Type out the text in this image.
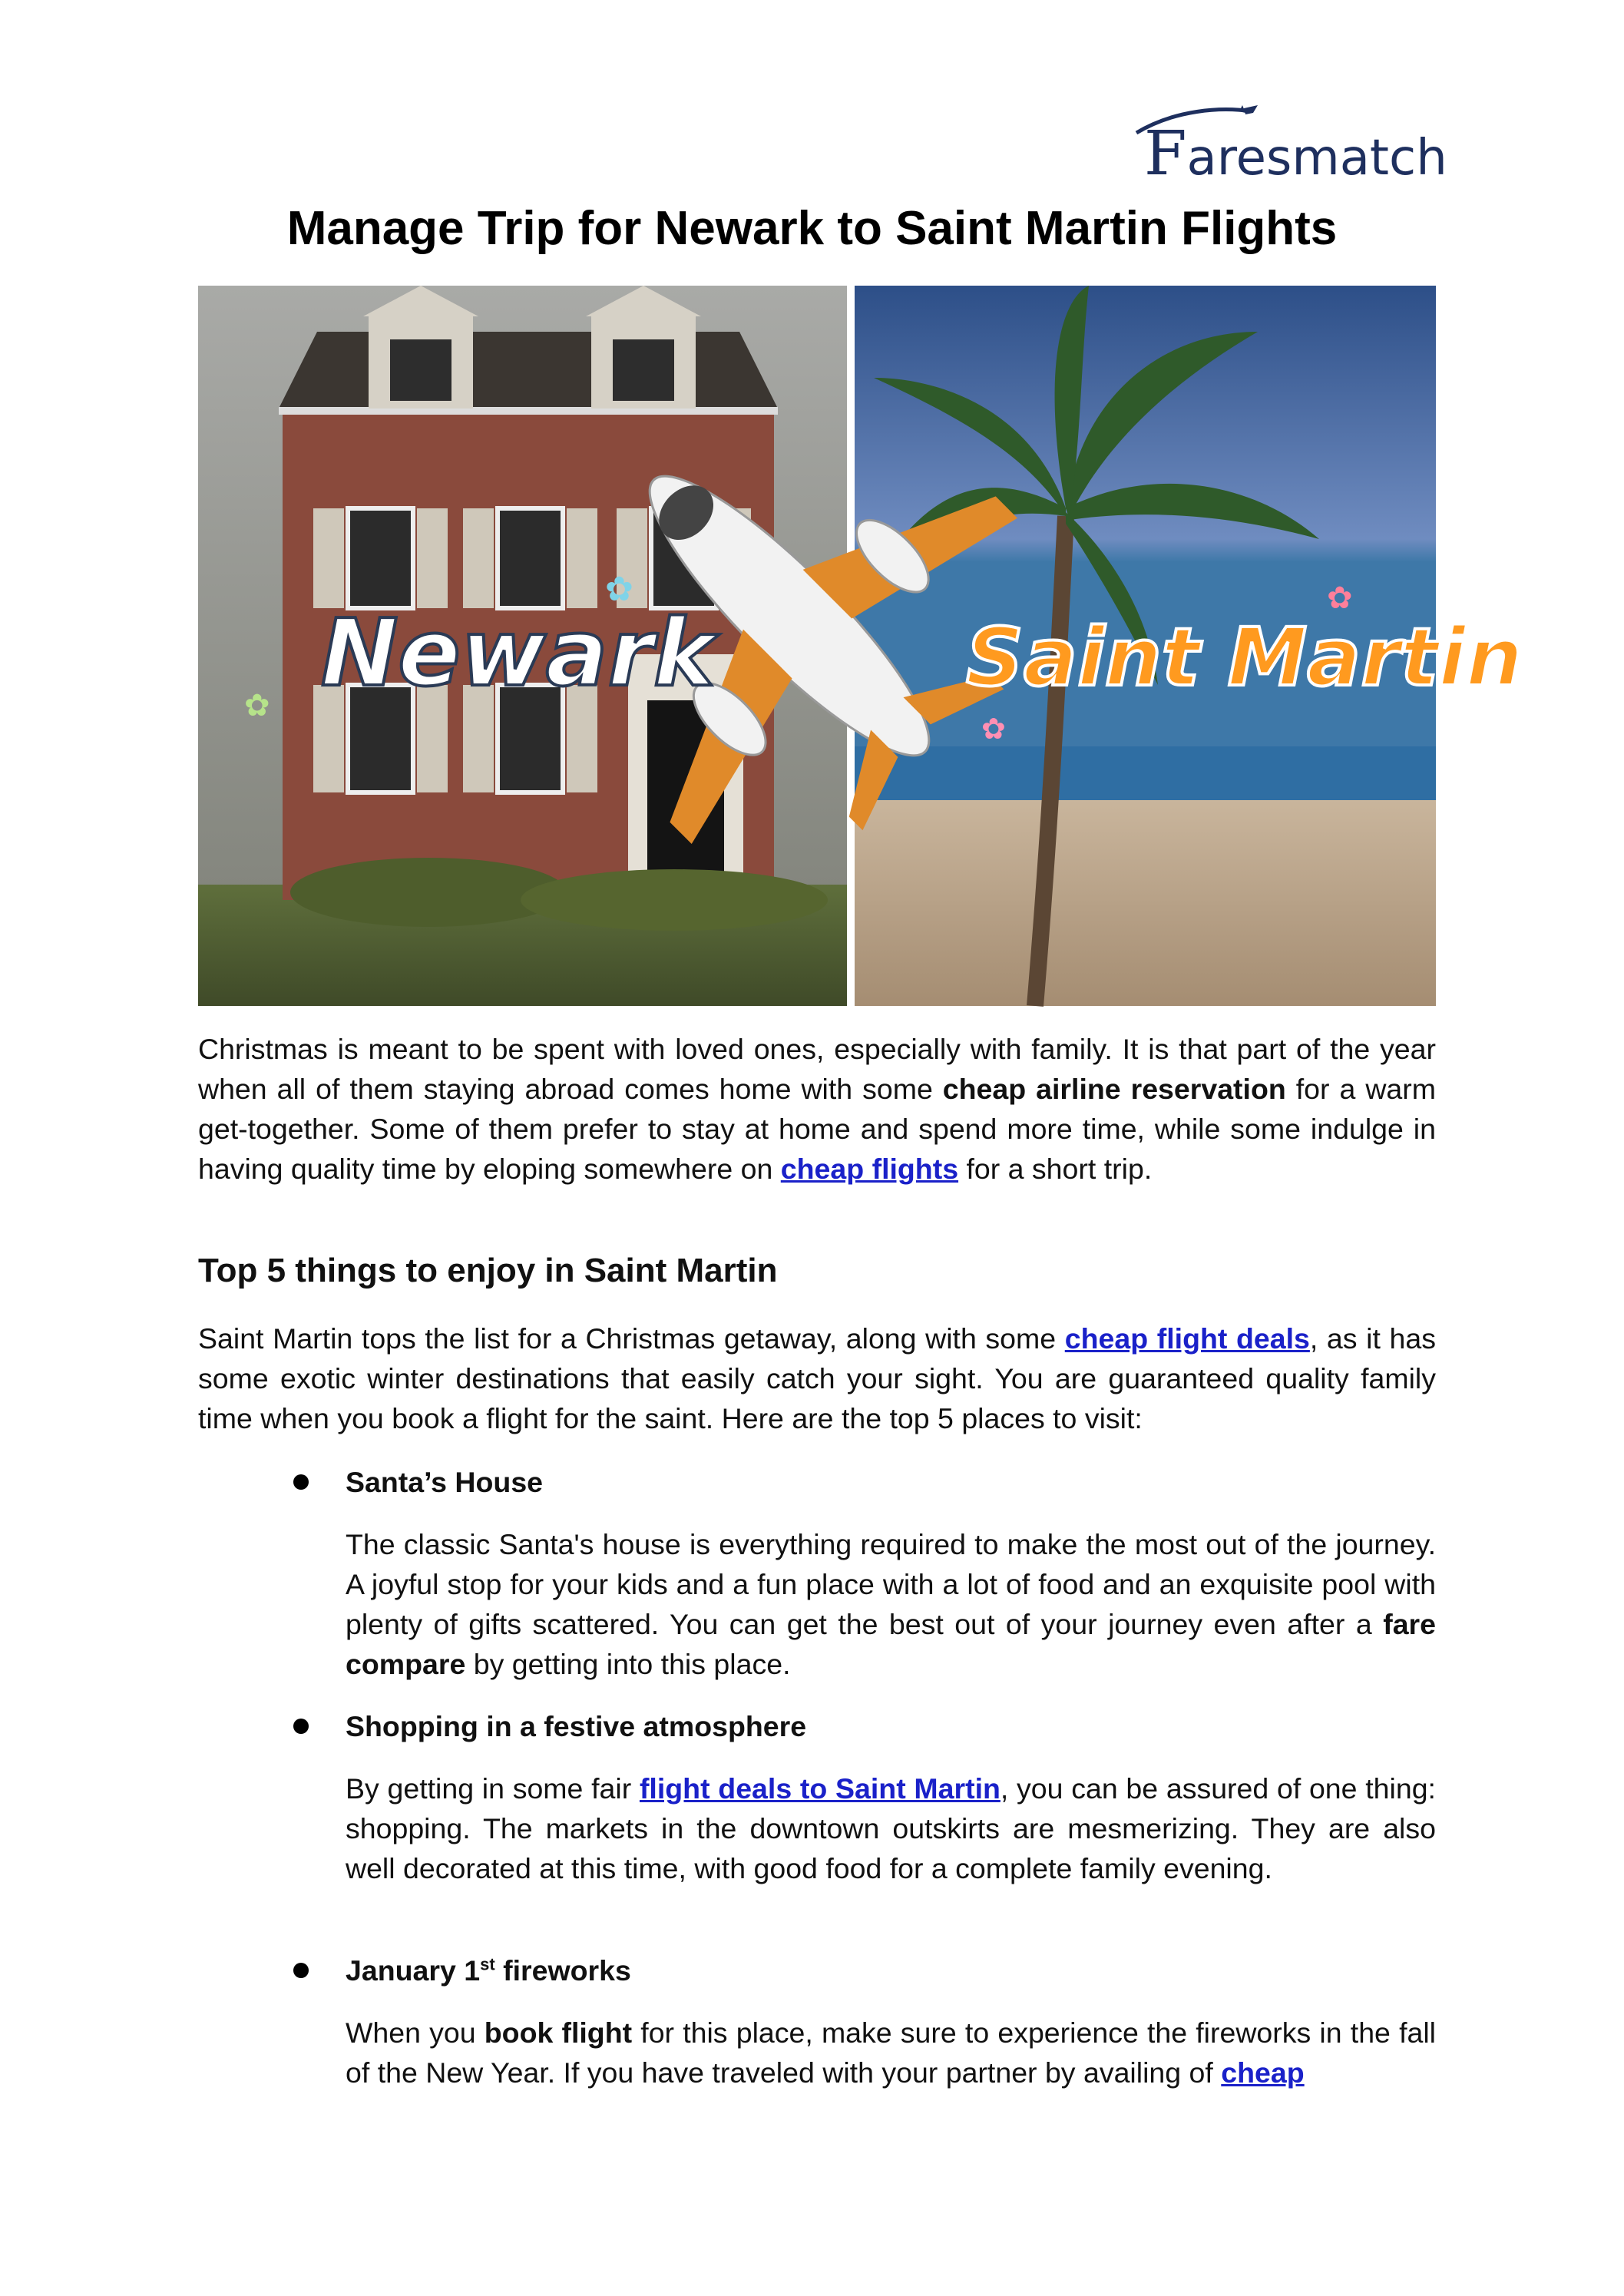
Faresmatch
Manage Trip for Newark to Saint Martin Flights
✿
✿
✿
✿
Newark	Saint Martin

Christmas is meant to be spent with loved ones, especially with family. It is that part of the year when all of them staying abroad comes home with some cheap airline reservation for a warm get-together. Some of them prefer to stay at home and spend more time, while some indulge in having quality time by eloping somewhere on cheap flights for a short trip.

Top 5 things to enjoy in Saint Martin

Saint Martin tops the list for a Christmas getaway, along with some cheap flight deals, as it has some exotic winter destinations that easily catch your sight. You are guaranteed quality family time when you book a flight for the saint. Here are the top 5 places to visit:

Santa’s House

The classic Santa's house is everything required to make the most out of the journey. A joyful stop for your kids and a fun place with a lot of food and an exquisite pool with plenty of gifts scattered. You can get the best out of your journey even after a fare compare by getting into this place.

Shopping in a festive atmosphere

By getting in some fair flight deals to Saint Martin, you can be assured of one thing: shopping. The markets in the downtown outskirts are mesmerizing. They are also well decorated at this time, with good food for a complete family evening.

January 1st fireworks

When you book flight for this place, make sure to experience the fireworks in the fall of the New Year. If you have traveled with your partner by availing of cheap
